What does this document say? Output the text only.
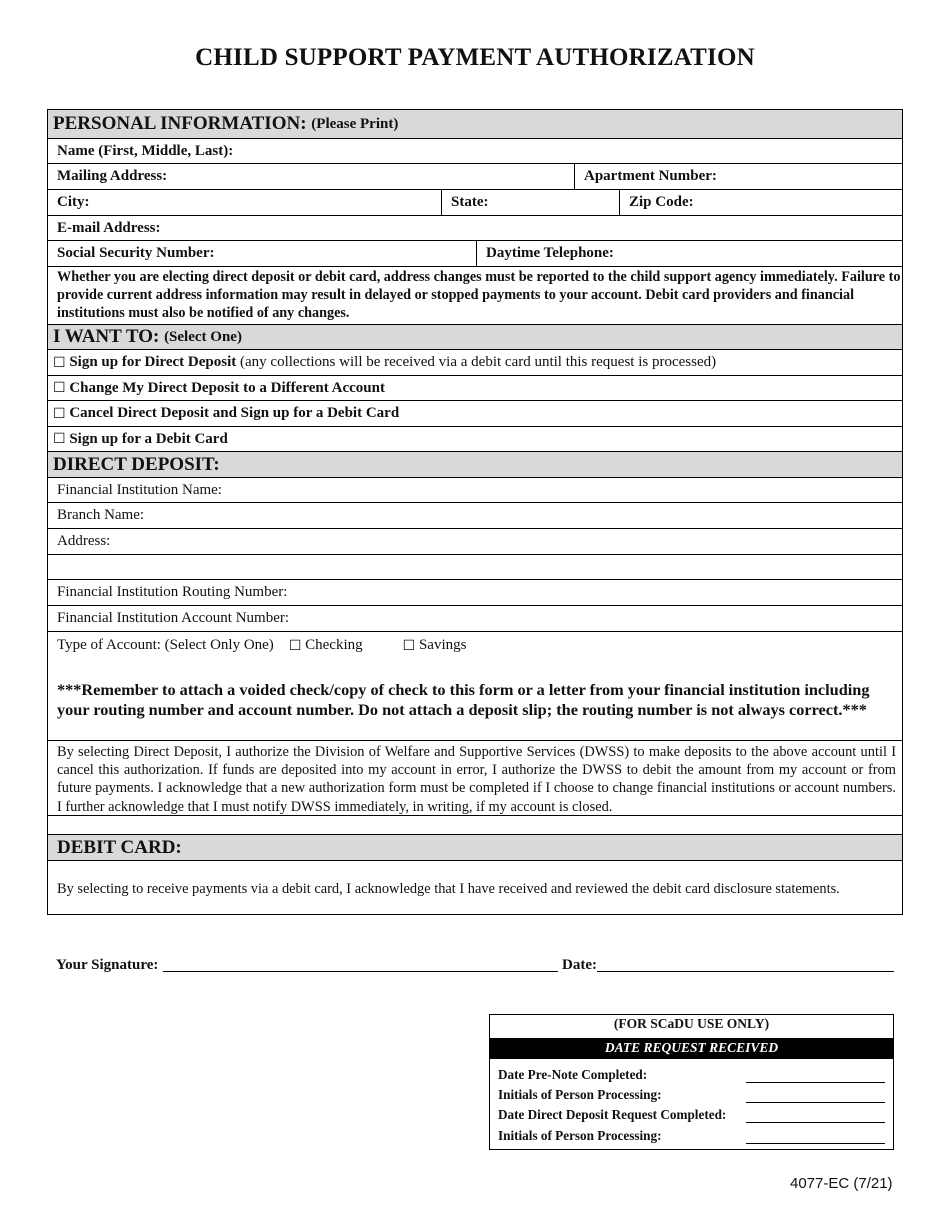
CHILD SUPPORT PAYMENT AUTHORIZATION
PERSONAL INFORMATION:
(Please Print)
Name (First, Middle, Last):
Mailing Address:	Apartment Number:
City:	State:	Zip Code:
E-mail Address:
Social Security Number:	Daytime Telephone:
Whether you are electing direct deposit or debit card, address changes must be reported to the child support agency immediately. Failure to provide current address information may result in delayed or stopped payments to your account. Debit card providers and financial institutions must also be notified of any changes.
I WANT TO:
(Select One)
☐
Sign up for Direct Deposit (any collections will be received via a debit card until this request is processed)
☐
Change My Direct Deposit to a Different Account
☐
Cancel Direct Deposit and Sign up for a Debit Card
☐
Sign up for a Debit Card
DIRECT DEPOSIT:
Financial Institution Name:
Branch Name:
Address:
Financial Institution Routing Number:
Financial Institution Account Number:
Type of Account: (Select Only One) ☐
Checking	☐
Savings
***Remember to attach a voided check/copy of check to this form or a letter from your financial institution including your routing number and account number. Do not attach a deposit slip; the routing number is not always correct.***
By selecting Direct Deposit, I authorize the Division of Welfare and Supportive Services (DWSS) to make deposits to the above account until I cancel this authorization. If funds are deposited into my account in error, I authorize the DWSS to debit the amount from my account or from future payments. I acknowledge that a new authorization form must be completed if I choose to change financial institutions or account numbers. I further acknowledge that I must notify DWSS immediately, in writing, if my account is closed.
DEBIT CARD:
By selecting to receive payments via a debit card, I acknowledge that I have received and reviewed the debit card disclosure statements.
Your Signature:	Date:
(FOR SCaDU USE ONLY)
DATE REQUEST RECEIVED
Date Pre-Note Completed:
Initials of Person Processing:
Date Direct Deposit Request Completed:
Initials of Person Processing:
4077-EC (7/21)
